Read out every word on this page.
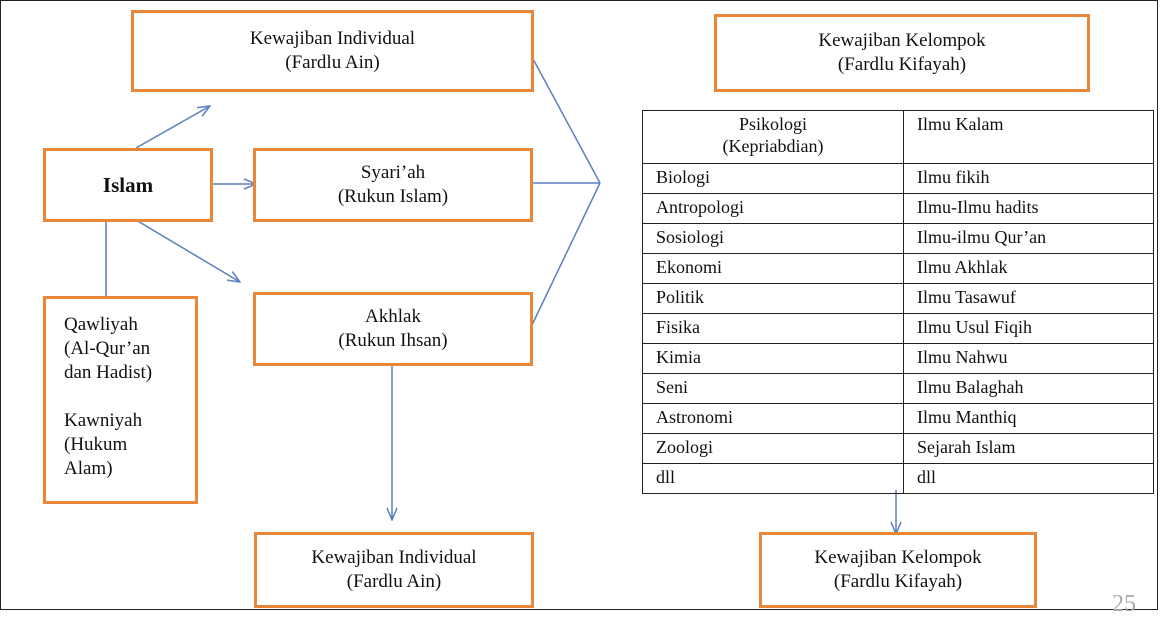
Kewajiban Individual
(Fardlu Ain)
Kewajiban Kelompok
(Fardlu Kifayah)
Islam
Syari’ah
(Rukun Islam)
Akhlak
(Rukun Ihsan)
Qawliyah
(Al-Qur’an
dan Hadist)
Kawniyah
(Hukum
Alam)
Kewajiban Individual
(Fardlu Ain)
Kewajiban Kelompok
(Fardlu Kifayah)
Psikologi
(Kepriabdian)	Ilmu Kalam
Biologi	Ilmu fikih
Antropologi	Ilmu-Ilmu hadits
Sosiologi	Ilmu-ilmu Qur’an
Ekonomi	Ilmu Akhlak
Politik	Ilmu Tasawuf
Fisika	Ilmu Usul Fiqih
Kimia	Ilmu Nahwu
Seni	Ilmu Balaghah
Astronomi	Ilmu Manthiq
Zoologi	Sejarah Islam
dll	dll
25
